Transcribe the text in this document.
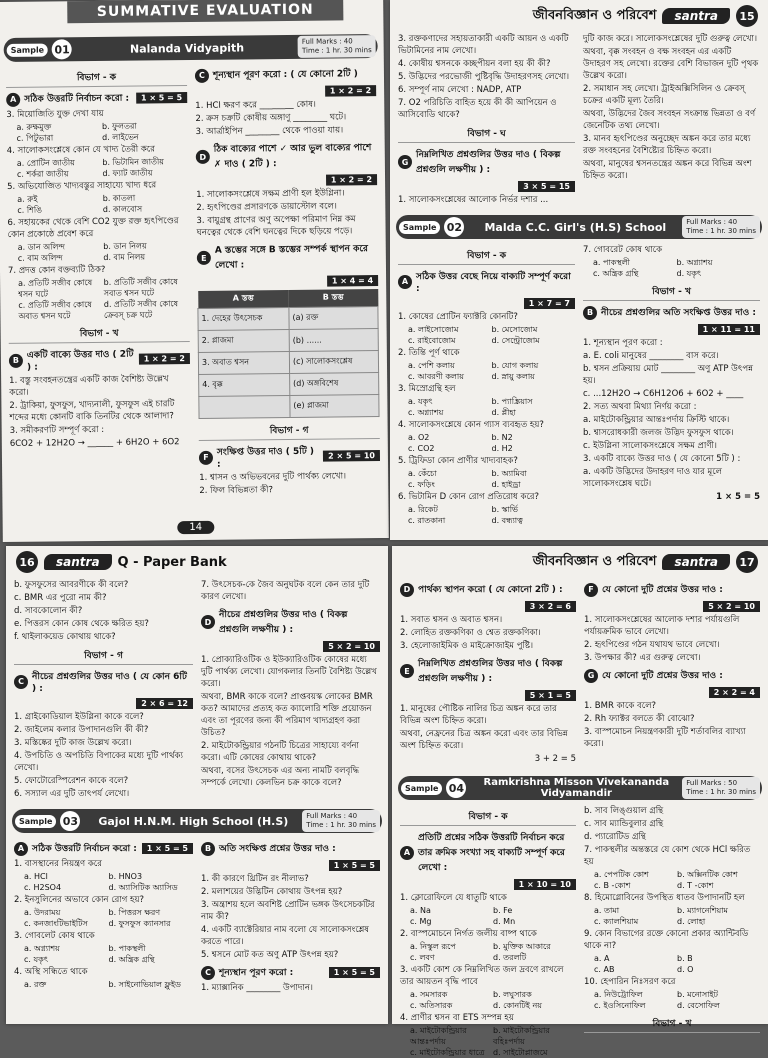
SUMMATIVE EVALUATION
Sample 01	Nalanda Vidyapith	Full Marks : 40
Time : 1 hr. 30 mins
বিভাগ - ক
A সঠিক উত্তরটি নির্বাচন করো :	1 × 5 = 5
3. মিয়োজিতি যুক্ত দেখা যায়
a. রুক্ষমুক্ত	b. ফুলতরা
c. পিটুভারা	d. লাইভেন
4. সালোকসংশ্লেষে কোন যে খাদ্য তৈরী করে
a. প্রোটিন জাতীয়	b. ভিটামিন জাতীয়
c. শর্করা জাতীয়	d. ফ্যাট জাতীয়
5. অভিযোজিত খাদ্যবস্তুর সাহায্যে খাদ্য ধরে
a. রুই	b. কাতলা
c. শিঙি	d. কালবোস
6. সহায়কের থেকে বেশি CO2 যুক্ত রক্ত হৃৎপিণ্ডের কোন প্রকোষ্ঠে প্রবেশ করে
a. ডান অলিন্দ	b. ডান নিলয়
c. বাম অলিন্দ	d. বাম নিলয়
7. প্রদত্ত কোন বক্তব্যটি ঠিক?
a. প্রতিটি সজীব কোষে শ্বসন ঘটে
b. প্রতিটি সজীব কোষে সবাত শ্বসন ঘটে
c. প্রতিটি সজীব কোষে অবাত শ্বসন ঘটে
d. প্রতিটি সজীব কোষে ক্রেবস্ চক্র ঘটে
বিভাগ - খ
B একটি বাক্যে উত্তর দাও ( 2টি ) :
1 × 2 = 2
1. বস্তু সংবহনতন্ত্রের একটি কাজ বৈশিষ্ট্য উল্লেখ করো।
2. ট্রাকিয়া, ফুসফুস, খাদ্যনালী, ফুসফুস এই চারটি শব্দের মধ্যে কোনটি বাকি তিনটির থেকে আলাদা?
3. সমীকরণটি সম্পূর্ণ করো :
6CO2 + 12H2O → ______ + 6H2O + 6O2
C শূন্যস্থান পূরণ করো : ( যে কোনো 2টি )
1 × 2 = 2
1. HCl ক্ষরণ করে ________ কোষ।
2. ক্রস চক্রটি কোষীয় অঙ্গাণু ________ ঘটে।
3. আর্ত্রাইপিন ________ থেকে পাওয়া যায়।
D
ঠিক বাক্যের পাশে ✓ আর ভুল বাক্যের পাশে ✗ দাও ( 2টি ) :
1 × 2 = 2
1. সালোকসংশ্লেষে সক্ষম প্রাণী হল ইউগ্লিনা।
2. হৃৎপিণ্ডের প্রসারণকে ডায়াস্টোল বলে।
3. বায়ুগ্রন্থ প্রাণের অণু অপেক্ষা পরিমাণ নিম্ন কম ঘনত্বের থেকে বেশি ঘনত্বের দিকে ছড়িয়ে পড়ে।
E
A স্তম্ভের সঙ্গে B স্তম্ভের সম্পর্ক স্থাপন করে লেখো :
1 × 4 = 4
A স্তম্ভ	B স্তম্ভ
1. দেহের উৎসেচক	(a) রক্ত
2. প্লাজমা	(b) ......
3. অবাত শ্বসন	(c) সালোকসংশ্লেষ
4. বৃক্ক	(d) অঙ্গবিশেষ
	(e) প্লাজমা
বিভাগ - গ
F সংক্ষিপ্ত উত্তর দাও ( 5টি ) :
2 × 5 = 10
1. শ্বাসন ও অভিভবনের দুটি পার্থক্য লেখো।
2. ফিল বিভিন্নতা কী?
14
জীবনবিজ্ঞান ও পরিবেশ	santra	15
3. রক্তকণাদের সহায়তাকারী একটি আয়ন ও একটি ভিটামিনের নাম লেখো।
4. কোষীয় শ্বসনকে কচ্ছপীয়ন বলা হয় কী কী?
5. উদ্ভিদের পরভোজী পুষ্টিবৃদ্ধি উদাহরণসহ লেখো।
6. সম্পূর্ণ নাম লেখো : NADP, ATP
7. O2 পরিচিতি বাহিত হয়ে কী কী আপিয়েন ও আসিবোডি থাকে?
বিভাগ - ঘ
G
নিম্নলিখিত প্রশ্নগুলির উত্তর দাও ( বিকল্প প্রশ্নগুলি লক্ষণীয় ) :
3 × 5 = 15
1. সালোকসংশ্লেষের আলোক নির্ভর দশার ...
দুটি কাজ করে। সালোকসংশ্লেষের দুটি গুরুত্ব লেখো।
অথবা, বৃক্ক সংবহন ও বক্ষ সংবহন এর একটি উদাহরণ সহ লেখো। রক্তের বেশি বিভাজন দুটি পৃথক উল্লেখ করো।
2. সমাধান সহ লেখো। ট্রাইঅক্সিসিলিন ও ক্রেবস্ চক্রের একটি মূল্য তৈরি।
অথবা, উদ্ভিদের জৈব সংবহন সংক্রান্ত ভিন্নতা ও বর্ণ জেনেটিক তথ্য লেখো।
3. মানব হৃৎপিণ্ডের অনুচ্ছেদ অঙ্কন করে তার মধ্যে রক্ত সংবহনের বৈশিষ্ট্যের চিহ্নিত করো।
অথবা, মানুষের শ্বসনতন্ত্রের অঙ্কন করে বিভিন্ন অংশ চিহ্নিত করো।
Sample 02	Malda C.C. Girl's (H.S) School	Full Marks : 40
Time : 1 hr. 30 mins
বিভাগ - ক
A সঠিক উত্তর বেছে নিয়ে বাক্যটি সম্পূর্ণ করো :
1 × 7 = 7
1. কোষের প্রোটিন ফ্যাক্টরি কোনটি?
a. লাইসোজোম	b. মেসোজোম
c. রাইবোজোম	d. সেন্ট্রোজোম
2. তিন্তি পূর্ণ থাকে
a. পেশি কলায়	b. যোগ কলায়
c. আবরণী কলায়	d. স্নায়ু কলায়
3. মিস্রোগ্রন্থি হল
a. যকৃৎ	b. প্যাঙ্ক্রিয়াস
c. অগ্ন্যাশয়	d. প্লীহা
4. সালোকসংশ্লেষে কোন গ্যাস ব্যবহৃত হয়?
a. O2	b. N2
c. CO2	d. H2
5. ট্রিফিডা কোন প্রাণীর খাদ্যবাহক?
a. কেঁচো	b. অ্যামিবা
c. ফড়িং	d. হাইড্রা
6. ভিটামিন D কোন রোগ প্রতিরোধ করে?
a. রিকেট	b. স্কার্ভি
c. রাতকানা	d. বন্ধ্যাত্ব
7. গোবরেট কোষ থাকে
a. পাকস্থলী	b. অগ্ন্যাশয়
c. অন্ত্রিক গ্রন্থি	d. যকৃৎ
বিভাগ - খ
B নীচের প্রশ্নগুলির অতি সংক্ষিপ্ত উত্তর দাও :
1 × 11 = 11
1. শূন্যস্থান পূরণ করো :
a. E. coli মানুষের ________ বাস করে।
b. শ্বসন প্রক্রিয়ায় মোট ________ অণু ATP উৎপন্ন হয়।
c. ...12H2O → C6H12O6 + 6O2 + ____
2. সত্য অথবা মিথ্যা নির্ণয় করো :
a. মাইটোকন্ড্রিয়ার আন্তঃপর্দায় ক্রিস্টি থাকে।
b. শ্বাসরোধকারী জলজ উদ্ভিদ ফুসফুস থাকে।
c. ইউগ্লিনা সালোকসংশ্লেষে সক্ষম প্রাণী।
3. একটি বাক্যে উত্তর দাও ( যে কোনো 5টি ) :
a. একটি উদ্ভিদের উদাহরণ দাও যার মূলে সালোকসংশ্লেষ ঘটে।
1 × 5 = 5
16	santra	Q - Paper Bank
b. ফুসফুসের আবরণীকে কী বলে?
c. BMR এর পুরো নাম কী?
d. সাবকোলোন কী?
e. পিত্তরস কোন কোষ থেকে ক্ষরিত হয়?
f. থাইলাকয়েড কোথায় থাকে?
বিভাগ - গ
C নীচের প্রশ্নগুলির উত্তর দাও ( যে কোন 6টি ) :
2 × 6 = 12
1. গ্রাইকোডিয়াল ইউগ্লিনা কাকে বলে?
2. জাইলেম কলার উপাদানগুলি কী কী?
3. মস্তিষ্কের দুটি কাজ উল্লেখ করো।
4. উপচিতি ও অপচিতি বিপাকের মধ্যে দুটি পার্থক্য লেখো।
5. ফোটোরেস্পিরেশন কাকে বলে?
6. সস্যাল এর দুটি তাৎপর্য লেখো।
7. উৎসেচক-কে জৈব অনুঘটক বলে কেন তার দুটি কারণ লেখো।
D
নীচের প্রশ্নগুলির উত্তর দাও ( বিকল্প প্রশ্নগুলি লক্ষণীয় ) :
5 × 2 = 10
1. প্রোক্যারিওটিক ও ইউক্যারিওটিক কোষের মধ্যে দুটি পার্থক্য লেখো। যোগকলার তিনটি বৈশিষ্ট্য উল্লেখ করো।
অথবা, BMR কাকে বলে? প্রাপ্তবয়স্ক লোকের BMR কত? আমাদের প্রত্যহ কত ক্যালোরি শক্তি প্রয়োজন এবং তা পূরণের জন্য কী পরিমাণ খাদ্যগ্রহণ করা উচিত?
2. মাইটোকন্ড্রিয়ার গঠনটি চিত্রের সাহায্যে বর্ণনা করো। এটি কোষের কোথায় থাকে?
অথবা, বসের উৎসেচক এর অন্য নামটি বলবৃদ্ধি সম্পর্কে লেখো। কেলভিন চক্র কাকে বলে?
Sample 03	Gajol H.N.M. High School (H.S)	Full Marks : 40
Time : 1 hr. 30 mins
A সঠিক উত্তরটি নির্বাচন করো :	1 × 5 = 5
1. বাসস্থানের নিয়ন্ত্রণ করে
a. HCl	b. HNO3
c. H2SO4	d. অ্যাসিটিক অ্যাসিড
2. ইনসুলিনের অভাবে কোন রোগ হয়?
a. উদরাময়	b. পিত্তরস ক্ষরণ
c. কনজাংটিভাইটিস	d. ফুসফুস ক্যানসার
3. গোবলেট কোষ থাকে
a. অগ্ন্যাশয়	b. পাকস্থলী
c. যকৃৎ	d. অন্ত্রিক গ্রন্থি
4. অস্থি সন্ধিতে থাকে
a. রক্ত	b. সাইনোভিয়াল ফ্লুইড
B অতি সংক্ষিপ্ত প্রশ্নের উত্তর দাও :
1 × 5 = 5
1. কী কারণে থ্রিটিন রং নীলাভ?
2. মলাশয়ের উদ্ভিটিন কোথায় উৎপন্ন হয়?
3. অন্ত্রাশয় হলে অবশিষ্ট প্রোটিন ভঙ্গক উৎসেচকটির নাম কী?
4. একটি ব্যাক্টেরিয়ার নাম বলো যে সালোকসংশ্লেষ করতে পারে।
5. শ্বসনে মোট কত অণু ATP উৎপন্ন হয়?
C শূন্যস্থান পূরণ করো :	1 × 5 = 5
1. ম্যাক্সানিক ________ উপাদান।
জীবনবিজ্ঞান ও পরিবেশ	santra	17
D পার্থক্য স্থাপন করো ( যে কোনো 2টি ) :
3 × 2 = 6
1. সবাত শ্বসন ও অবাত শ্বসন।
2. লোহিত রক্তকণিকা ও শ্বেত রক্তকণিকা।
3. হেলোজাইমিক ও মাইক্রোজাইম পুষ্টি।
E
নিম্নলিখিত প্রশ্নগুলির উত্তর দাও ( বিকল্প প্রশ্নগুলি লক্ষণীয় ) :
5 × 1 = 5
1. মানুষের পৌষ্টিক নালির চিত্র অঙ্কন করে তার বিভিন্ন অংশ চিহ্নিত করো।
অথবা, নেফ্রনের চিত্র অঙ্কন করো এবং তার বিভিন্ন অংশ চিহ্নিত করো।
3 + 2 = 5
F যে কোনো দুটি প্রশ্নের উত্তর দাও :
5 × 2 = 10
1. সালোকসংশ্লেষের আলোক দশার পর্যায়গুলি পর্যায়ক্রমিক ভাবে লেখো।
2. হৃৎপিণ্ডের গঠন যথাযথ ভাবে লেখো।
3. উপক্ষার কী? এর গুরুত্ব লেখো।
G যে কোনো দুটি প্রশ্নের উত্তর দাও :
2 × 2 = 4
1. BMR কাকে বলে?
2. Rh ফ্যাক্টর বলতে কী বোঝো?
3. বাস্পমোচন নিয়ন্ত্রণকারী দুটি শর্তাবলির ব্যাখ্যা করো।
Sample 04	Ramkrishna Misson Vivekananda Vidyamandir
Full Marks : 50
Time : 1 hr. 30 mins
বিভাগ - ক
A
প্রতিটি প্রশ্নের সঠিক উত্তরটি নির্বাচন করে তার ক্রমিক সংখ্যা সহ বাক্যটি সম্পূর্ণ করে লেখো :
1 × 10 = 10
1. ক্লোরোফিলে যে ধাতুটি থাকে
a. Na	b. Fe
c. Mg	d. Mn
2. বাস্পমোচনে নির্গত জলীয় বাষ্প থাকে
a. নিস্কুল রূপে	b. মুক্তিক আকারে
c. লবণ	d. তরলটি
3. একটি কোশ কে নিম্নলিখিত জল দ্রবণে রাখলে তার আয়তন বৃদ্ধি পাবে
a. সমসারক	b. লঘুসারক
c. অতিসারক	d. কোনটিই নয়
4. প্রাণীর শ্বসন বা ETS সম্পন্ন হয়
a. মাইটোকন্ড্রিয়ার আন্তঃপর্দায়
b. মাইটোকন্ড্রিয়ার বহিঃপর্দায়
c. মাইটোকন্ড্রিয়ার ধাত্রে	d. সাইটোপ্লাজমে
b. সাব লিঙ্গুয়াল গ্রন্থি
c. সাব ম্যান্ডিবুলার গ্রন্থি
d. প্যারোটিড গ্রন্থি
7. পাকস্থলীর অন্তস্তরে যে কোশ থেকে HCl ক্ষরিত হয়
a. পেপটিক কোশ	b. অক্সিনটিক কোশ
c. B -কোশ	d. T -কোশ
8. হিমোগ্লোবিনের উপস্থিত ধাতব উপাদানটি হল
a. তামা	b. ম্যাগনেশিয়াম
c. ক্যালশিয়াম	d. লোহা
9. কোন বিভাগের রক্তে কোনো প্রকার অ্যান্টিবডি থাকে না?
a. A	b. B
c. AB	d. O
10. হেপারিন নিঃসরণ করে
a. নিউট্রোফিল	b. মনোসাইট
c. ইওসিনোফিল	d. বেসোফিল
বিভাগ - খ
